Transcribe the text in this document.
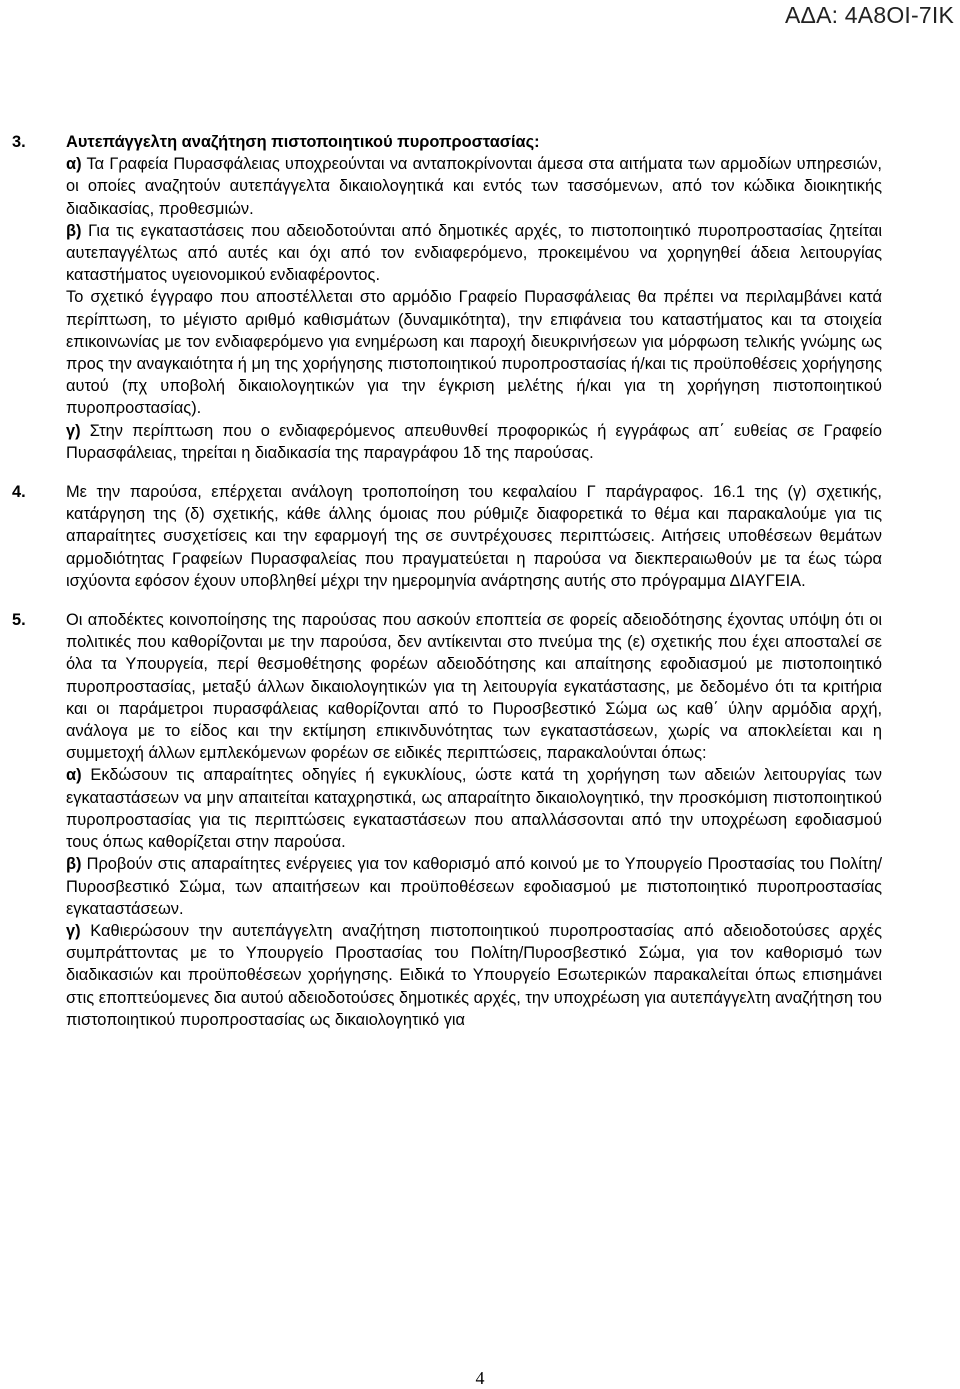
ΑΔΑ: 4Α8ΟΙ-7ΙΚ
3. Αυτεπάγγελτη αναζήτηση πιστοποιητικού πυροπροστασίας:
α) Τα Γραφεία Πυρασφάλειας υποχρεούνται να ανταποκρίνονται άμεσα στα αιτήματα των αρμοδίων υπηρεσιών, οι οποίες αναζητούν αυτεπάγγελτα δικαιολογητικά και εντός των τασσόμενων, από τον κώδικα διοικητικής διαδικασίας, προθεσμιών.
β) Για τις εγκαταστάσεις που αδειοδοτούνται από δημοτικές αρχές, το πιστοποιητικό πυροπροστασίας ζητείται αυτεπαγγέλτως από αυτές και όχι από τον ενδιαφερόμενο, προκειμένου να χορηγηθεί άδεια λειτουργίας καταστήματος υγειονομικού ενδιαφέροντος.
Το σχετικό έγγραφο που αποστέλλεται στο αρμόδιο Γραφείο Πυρασφάλειας θα πρέπει να περιλαμβάνει κατά περίπτωση, το μέγιστο αριθμό καθισμάτων (δυναμικότητα), την επιφάνεια του καταστήματος και τα στοιχεία επικοινωνίας με τον ενδιαφερόμενο για ενημέρωση και παροχή διευκρινήσεων για μόρφωση τελικής γνώμης ως προς την αναγκαιότητα ή μη της χορήγησης πιστοποιητικού πυροπροστασίας ή/και τις προϋποθέσεις χορήγησης αυτού (πχ υποβολή δικαιολογητικών για την έγκριση μελέτης ή/και για τη χορήγηση πιστοποιητικού πυροπροστασίας).
γ) Στην περίπτωση που ο ενδιαφερόμενος απευθυνθεί προφορικώς ή εγγράφως απ΄ ευθείας σε Γραφείο Πυρασφάλειας, τηρείται η διαδικασία της παραγράφου 1δ της παρούσας.
4. Με την παρούσα, επέρχεται ανάλογη τροποποίηση του κεφαλαίου Γ παράγραφος. 16.1 της (γ) σχετικής, κατάργηση της (δ) σχετικής, κάθε άλλης όμοιας που ρύθμιζε διαφορετικά το θέμα και παρακαλούμε για τις απαραίτητες συσχετίσεις και την εφαρμογή της σε συντρέχουσες περιπτώσεις. Αιτήσεις υποθέσεων θεμάτων αρμοδιότητας Γραφείων Πυρασφαλείας που πραγματεύεται η παρούσα να διεκπεραιωθούν με τα έως τώρα ισχύοντα εφόσον έχουν υποβληθεί μέχρι την ημερομηνία ανάρτησης αυτής στο πρόγραμμα ΔΙΑΥΓΕΙΑ.
5. Οι αποδέκτες κοινοποίησης της παρούσας που ασκούν εποπτεία σε φορείς αδειοδότησης έχοντας υπόψη ότι οι πολιτικές που καθορίζονται με την παρούσα, δεν αντίκεινται στο πνεύμα της (ε) σχετικής που έχει αποσταλεί σε όλα τα Υπουργεία, περί θεσμοθέτησης φορέων αδειοδότησης και απαίτησης εφοδιασμού με πιστοποιητικό πυροπροστασίας, μεταξύ άλλων δικαιολογητικών για τη λειτουργία εγκατάστασης, με δεδομένο ότι τα κριτήρια και οι παράμετροι πυρασφάλειας καθορίζονται από το Πυροσβεστικό Σώμα ως καθ΄ ύλην αρμόδια αρχή, ανάλογα με το είδος και την εκτίμηση επικινδυνότητας των εγκαταστάσεων, χωρίς να αποκλείεται και η συμμετοχή άλλων εμπλεκόμενων φορέων σε ειδικές περιπτώσεις, παρακαλούνται όπως:
α) Εκδώσουν τις απαραίτητες οδηγίες ή εγκυκλίους, ώστε κατά τη χορήγηση των αδειών λειτουργίας των εγκαταστάσεων να μην απαιτείται καταχρηστικά, ως απαραίτητο δικαιολογητικό, την προσκόμιση πιστοποιητικού πυροπροστασίας για τις περιπτώσεις εγκαταστάσεων που απαλλάσσονται από την υποχρέωση εφοδιασμού τους όπως καθορίζεται στην παρούσα.
β) Προβούν στις απαραίτητες ενέργειες για τον καθορισμό από κοινού με το Υπουργείο Προστασίας του Πολίτη/Πυροσβεστικό Σώμα, των απαιτήσεων και προϋποθέσεων εφοδιασμού με πιστοποιητικό πυροπροστασίας εγκαταστάσεων.
γ) Καθιερώσουν την αυτεπάγγελτη αναζήτηση πιστοποιητικού πυροπροστασίας από αδειοδοτούσες αρχές συμπράττοντας με το Υπουργείο Προστασίας του Πολίτη/Πυροσβεστικό Σώμα, για τον καθορισμό των διαδικασιών και προϋποθέσεων χορήγησης. Ειδικά το Υπουργείο Εσωτερικών παρακαλείται όπως επισημάνει στις εποπτεύομενες δια αυτού αδειοδοτούσες δημοτικές αρχές, την υποχρέωση για αυτεπάγγελτη αναζήτηση του πιστοποιητικού πυροπροστασίας ως δικαιολογητικό για
4
